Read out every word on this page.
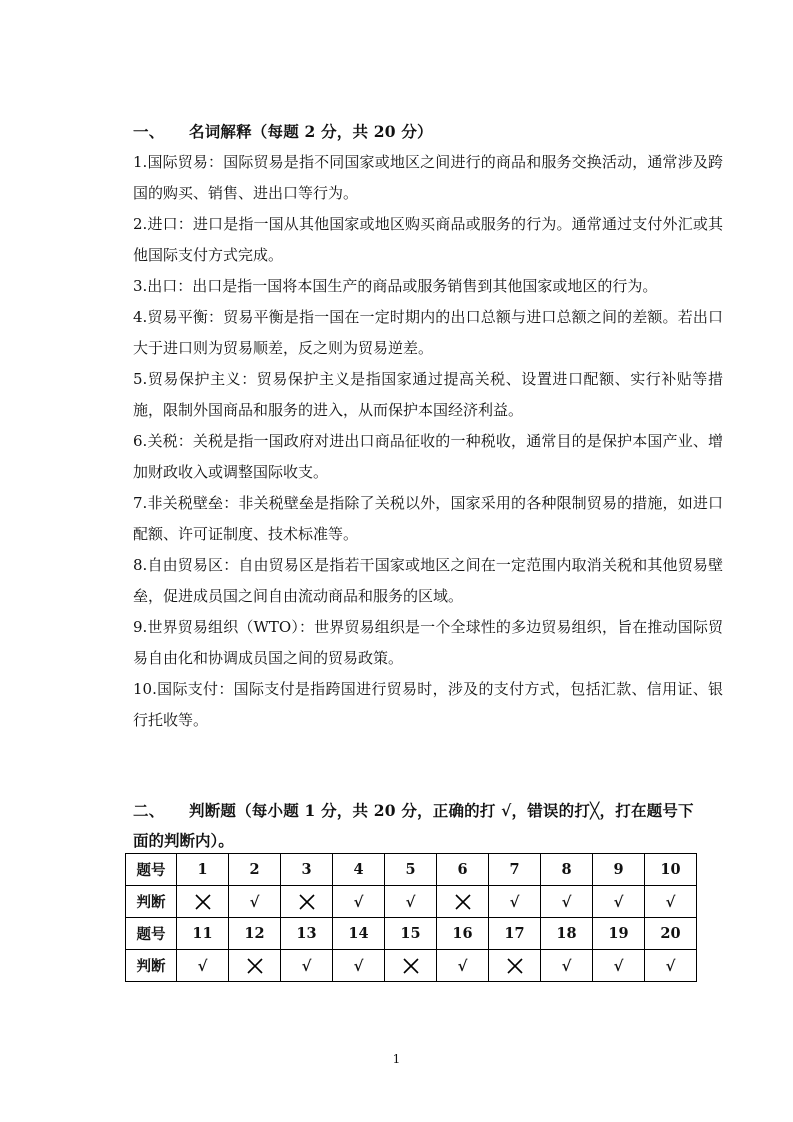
一、 名词解释（每题 2 分，共 20 分）
1.国际贸易：国际贸易是指不同国家或地区之间进行的商品和服务交换活动，通常涉及跨国的购买、销售、进出口等行为。
2.进口：进口是指一国从其他国家或地区购买商品或服务的行为。通常通过支付外汇或其他国际支付方式完成。
3.出口：出口是指一国将本国生产的商品或服务销售到其他国家或地区的行为。
4.贸易平衡：贸易平衡是指一国在一定时期内的出口总额与进口总额之间的差额。若出口大于进口则为贸易顺差，反之则为贸易逆差。
5.贸易保护主义：贸易保护主义是指国家通过提高关税、设置进口配额、实行补贴等措施，限制外国商品和服务的进入，从而保护本国经济利益。
6.关税：关税是指一国政府对进出口商品征收的一种税收，通常目的是保护本国产业、增加财政收入或调整国际收支。
7.非关税壁垒：非关税壁垒是指除了关税以外，国家采用的各种限制贸易的措施，如进口配额、许可证制度、技术标准等。
8.自由贸易区：自由贸易区是指若干国家或地区之间在一定范围内取消关税和其他贸易壁垒，促进成员国之间自由流动商品和服务的区域。
9.世界贸易组织（WTO）：世界贸易组织是一个全球性的多边贸易组织，旨在推动国际贸易自由化和协调成员国之间的贸易政策。
10.国际支付：国际支付是指跨国进行贸易时，涉及的支付方式，包括汇款、信用证、银行托收等。
二、 判断题（每小题 1 分，共 20 分，正确的打 √，错误的打╳，打在题号下
面的判断内）。
题号	1	2	3	4	5	6	7	8	9	10
判断		√		√	√		√	√	√	√
题号	11	12	13	14	15	16	17	18	19	20
判断	√		√	√		√		√	√	√
1
